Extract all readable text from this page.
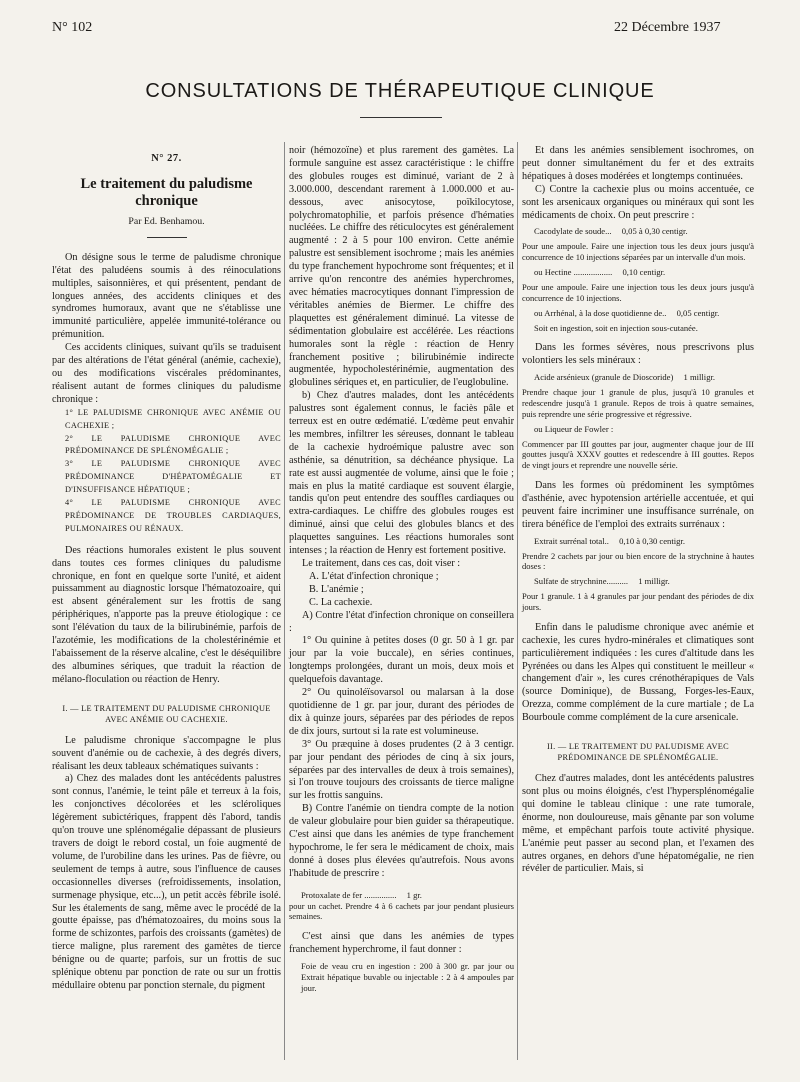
N° 102	22 Décembre 1937
CONSULTATIONS DE THÉRAPEUTIQUE CLINIQUE
N° 27.
Le traitement du paludisme chronique
Par Ed. Benhamou.

On désigne sous le terme de paludisme chronique l'état des paludéens soumis à des réinoculations multiples, saisonnières, et qui présentent, pendant de longues années, des accidents cliniques et des syndromes humoraux, avant que ne s'établisse une immunité particulière, appelée immunité-tolérance ou prémunition.

Ces accidents cliniques, suivant qu'ils se traduisent par des altérations de l'état général (anémie, cachexie), ou des modifications viscérales prédominantes, réalisent autant de formes cliniques du paludisme chronique :

1° LE PALUDISME CHRONIQUE AVEC ANÉMIE OU CACHEXIE ;

2° LE PALUDISME CHRONIQUE AVEC PRÉDOMINANCE DE SPLÉNOMÉGALIE ;

3° LE PALUDISME CHRONIQUE AVEC PRÉDOMINANCE D'HÉPATOMÉGALIE ET D'INSUFFISANCE HÉPATIQUE ;

4° LE PALUDISME CHRONIQUE AVEC PRÉDOMINANCE DE TROUBLES CARDIAQUES, PULMONAIRES OU RÉNAUX.

Des réactions humorales existent le plus souvent dans toutes ces formes cliniques du paludisme chronique, en font en quelque sorte l'unité, et aident puissamment au diagnostic lorsque l'hématozoaire, qui est absent généralement sur les frottis de sang périphériques, n'apporte pas la preuve étiologique : ce sont l'élévation du taux de la bilirubinémie, parfois de l'azotémie, les modifications de la cholestérinémie et l'abaissement de la réserve alcaline, c'est le déséquilibre des albumines sériques, que traduit la réaction de mélano-floculation ou réaction de Henry.

I. — LE TRAITEMENT DU PALUDISME CHRONIQUE AVEC ANÉMIE OU CACHEXIE.

Le paludisme chronique s'accompagne le plus souvent d'anémie ou de cachexie, à des degrés divers, réalisant les deux tableaux schématiques suivants :

a) Chez des malades dont les antécédents palustres sont connus, l'anémie, le teint pâle et terreux à la fois, les conjonctives décolorées et les scléroliques légèrement subictériques, frappent dès l'abord, tandis qu'on trouve une splénomégalie dépassant de plusieurs travers de doigt le rebord costal, un foie augmenté de volume, de l'urobiline dans les urines. Pas de fièvre, ou seulement de temps à autre, sous l'influence de causes occasionnelles diverses (refroidissements, insolation, surmenage physique, etc...), un petit accès fébrile isolé. Sur les étalements de sang, même avec le procédé de la goutte épaisse, pas d'hématozoaires, du moins sous la forme de schizontes, parfois des croissants (gamètes) de tierce maligne, plus rarement des gamètes de tierce bénigne ou de quarte; parfois, sur un frottis de suc splénique obtenu par ponction de rate ou sur un frottis médullaire obtenu par ponction sternale, du pigment

noir (hémozoïne) et plus rarement des gamètes. La formule sanguine est assez caractéristique : le chiffre des globules rouges est diminué, variant de 2 à 3.000.000, descendant rarement à 1.000.000 et au-dessous, avec anisocytose, poïkilocytose, polychromatophilie, et parfois présence d'hématies nucléées. Le chiffre des réticulocytes est généralement augmenté : 2 à 5 pour 100 environ. Cette anémie palustre est sensiblement isochrome ; mais les anémies du type franchement hypochrome sont fréquentes; et il arrive qu'on rencontre des anémies hyperchromes, avec hématies macrocytiques donnant l'impression de véritables anémies de Biermer. Le chiffre des plaquettes est généralement diminué. La vitesse de sédimentation globulaire est accélérée. Les réactions humorales sont la règle : réaction de Henry franchement positive ; bilirubinémie indirecte augmentée, hypocholestérinémie, augmentation des globulines sériques et, en particulier, de l'euglobuline.

b) Chez d'autres malades, dont les antécédents palustres sont également connus, le faciès pâle et terreux est en outre œdématié. L'œdème peut envahir les membres, infiltrer les séreuses, donnant le tableau de la cachexie hydroémique palustre avec son asthénie, sa dénutrition, sa déchéance physique. La rate est aussi augmentée de volume, ainsi que le foie ; mais en plus la matité cardiaque est souvent élargie, tandis qu'on peut entendre des souffles cardiaques ou extra-cardiaques. Le chiffre des globules rouges est diminué, ainsi que celui des globules blancs et des plaquettes sanguines. Les réactions humorales sont intenses ; la réaction de Henry est fortement positive.

Le traitement, dans ces cas, doit viser :

A. L'état d'infection chronique ;

B. L'anémie ;

C. La cachexie.

A) Contre l'état d'infection chronique on conseillera :

1° Ou quinine à petites doses (0 gr. 50 à 1 gr. par jour par la voie buccale), en séries continues, longtemps prolongées, durant un mois, deux mois et quelquefois davantage.

2° Ou quinoléïsovarsol ou malarsan à la dose quotidienne de 1 gr. par jour, durant des périodes de dix à quinze jours, séparées par des périodes de repos de dix jours, surtout si la rate est volumineuse.

3° Ou præquine à doses prudentes (2 à 3 centigr. par jour pendant des périodes de cinq à six jours, séparées par des intervalles de deux à trois semaines), si l'on trouve toujours des croissants de tierce maligne sur les frottis sanguins.

B) Contre l'anémie on tiendra compte de la notion de valeur globulaire pour bien guider sa thérapeutique. C'est ainsi que dans les anémies de type franchement hypochrome, le fer sera le médicament de choix, mais donné à doses plus élevées qu'autrefois. Nous avons l'habitude de prescrire :

Protoxalate de fer ............... 1 gr.

pour un cachet. Prendre 4 à 6 cachets par jour pendant plusieurs semaines.

C'est ainsi que dans les anémies de types franchement hyperchrome, il faut donner :

Foie de veau cru en ingestion : 200 à 300 gr. par jour ou Extrait hépatique buvable ou injectable : 2 à 4 ampoules par jour.

Et dans les anémies sensiblement isochromes, on peut donner simultanément du fer et des extraits hépatiques à doses modérées et longtemps continuées.

C) Contre la cachexie plus ou moins accentuée, ce sont les arsenicaux organiques ou minéraux qui sont les médicaments de choix. On peut prescrire :

Cacodylate de soude... 0,05 à 0,30 centigr.

Pour une ampoule. Faire une injection tous les deux jours jusqu'à concurrence de 10 injections séparées par un intervalle d'un mois.

ou Hectine .................. 0,10 centigr.

Pour une ampoule. Faire une injection tous les deux jours jusqu'à concurrence de 10 injections.

ou Arrhénal, à la dose quotidienne de.. 0,05 centigr.

Soit en ingestion, soit en injection sous-cutanée.

Dans les formes sévères, nous prescrivons plus volontiers les sels minéraux :

Acide arsénieux (granule de Dioscoride) 1 milligr.

Prendre chaque jour 1 granule de plus, jusqu'à 10 granules et redescendre jusqu'à 1 granule. Repos de trois à quatre semaines, puis reprendre une série progressive et régressive.

ou Liqueur de Fowler :

Commencer par III gouttes par jour, augmenter chaque jour de III gouttes jusqu'à XXXV gouttes et redescendre à III gouttes. Repos de vingt jours et reprendre une nouvelle série.

Dans les formes où prédominent les symptômes d'asthénie, avec hypotension artérielle accentuée, et qui peuvent faire incriminer une insuffisance surrénale, on tirera bénéfice de l'emploi des extraits surrénaux :

Extrait surrénal total.. 0,10 à 0,30 centigr.

Prendre 2 cachets par jour ou bien encore de la strychnine à hautes doses :

Sulfate de strychnine.......... 1 milligr.

Pour 1 granule. 1 à 4 granules par jour pendant des périodes de dix jours.

Enfin dans le paludisme chronique avec anémie et cachexie, les cures hydro-minérales et climatiques sont particulièrement indiquées : les cures d'altitude dans les Pyrénées ou dans les Alpes qui constituent le meilleur « changement d'air », les cures crénothérapiques de Vals (source Dominique), de Bussang, Forges-les-Eaux, Orezza, comme complément de la cure martiale ; de La Bourboule comme complément de la cure arsenicale.

II. — LE TRAITEMENT DU PALUDISME AVEC PRÉDOMINANCE DE SPLÉNOMÉGALIE.

Chez d'autres malades, dont les antécédents palustres sont plus ou moins éloignés, c'est l'hypersplénomégalie qui domine le tableau clinique : une rate tumorale, énorme, non douloureuse, mais gênante par son volume même, et empêchant parfois toute activité physique. L'anémie peut passer au second plan, et l'examen des autres organes, en dehors d'une hépatomégalie, ne rien révéler de particulier. Mais, si
